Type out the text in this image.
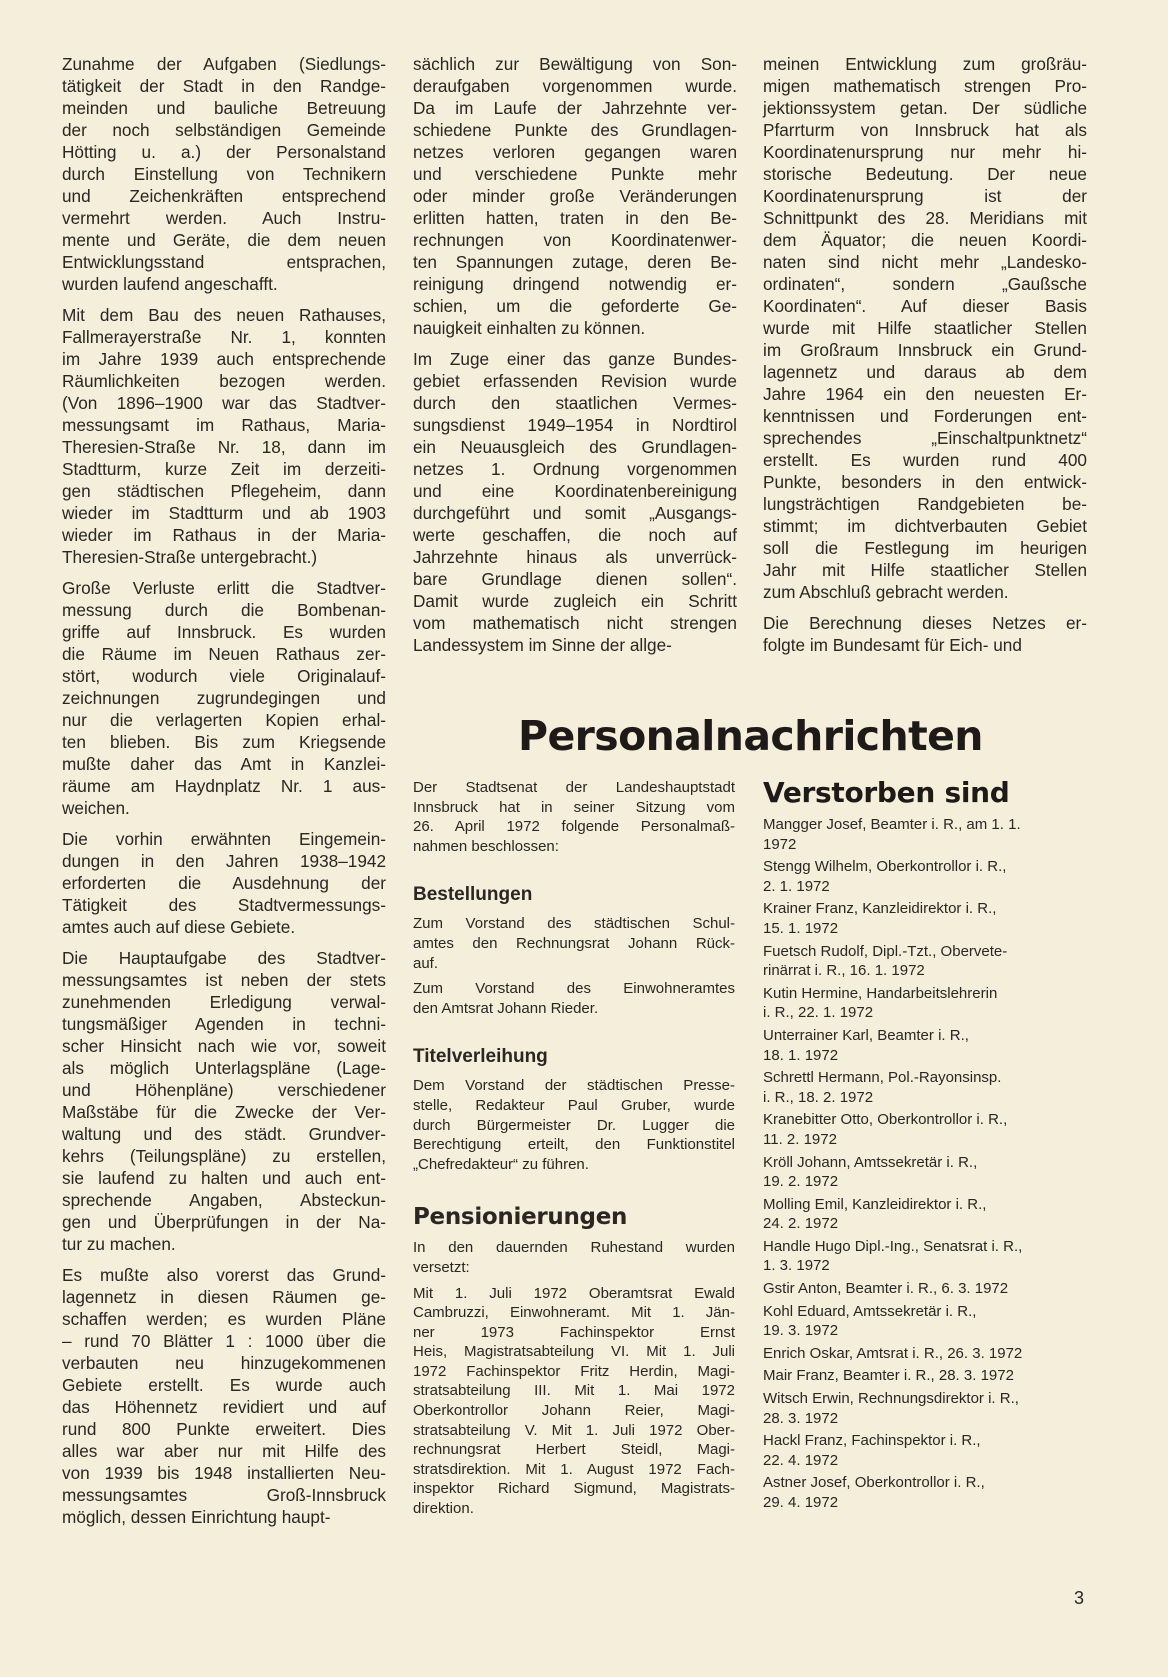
Zunahme der Aufgaben (Siedlungs-
tätigkeit der Stadt in den Randge-
meinden und bauliche Betreuung
der noch selbständigen Gemeinde
Hötting u. a.) der Personalstand
durch Einstellung von Technikern
und Zeichenkräften entsprechend
vermehrt werden. Auch Instru-
mente und Geräte, die dem neuen
Entwicklungsstand entsprachen,
wurden laufend angeschafft.

Mit dem Bau des neuen Rathauses,
Fallmerayerstraße Nr. 1, konnten
im Jahre 1939 auch entsprechende
Räumlichkeiten bezogen werden.
(Von 1896–1900 war das Stadtver-
messungsamt im Rathaus, Maria-
Theresien-Straße Nr. 18, dann im
Stadtturm, kurze Zeit im derzeiti-
gen städtischen Pflegeheim, dann
wieder im Stadtturm und ab 1903
wieder im Rathaus in der Maria-
Theresien-Straße untergebracht.)

Große Verluste erlitt die Stadtver-
messung durch die Bombenan-
griffe auf Innsbruck. Es wurden
die Räume im Neuen Rathaus zer-
stört, wodurch viele Originalauf-
zeichnungen zugrundegingen und
nur die verlagerten Kopien erhal-
ten blieben. Bis zum Kriegsende
mußte daher das Amt in Kanzlei-
räume am Haydnplatz Nr. 1 aus-
weichen.

Die vorhin erwähnten Eingemein-
dungen in den Jahren 1938–1942
erforderten die Ausdehnung der
Tätigkeit des Stadtvermessungs-
amtes auch auf diese Gebiete.

Die Hauptaufgabe des Stadtver-
messungsamtes ist neben der stets
zunehmenden Erledigung verwal-
tungsmäßiger Agenden in techni-
scher Hinsicht nach wie vor, soweit
als möglich Unterlagspläne (Lage-
und Höhenpläne) verschiedener
Maßstäbe für die Zwecke der Ver-
waltung und des städt. Grundver-
kehrs (Teilungspläne) zu erstellen,
sie laufend zu halten und auch ent-
sprechende Angaben, Absteckun-
gen und Überprüfungen in der Na-
tur zu machen.

Es mußte also vorerst das Grund-
lagennetz in diesen Räumen ge-
schaffen werden; es wurden Pläne
– rund 70 Blätter 1 : 1000 über die
verbauten neu hinzugekommenen
Gebiete erstellt. Es wurde auch
das Höhennetz revidiert und auf
rund 800 Punkte erweitert. Dies
alles war aber nur mit Hilfe des
von 1939 bis 1948 installierten Neu-
messungsamtes Groß-Innsbruck
möglich, dessen Einrichtung haupt-

sächlich zur Bewältigung von Son-
deraufgaben vorgenommen wurde.
Da im Laufe der Jahrzehnte ver-
schiedene Punkte des Grundlagen-
netzes verloren gegangen waren
und verschiedene Punkte mehr
oder minder große Veränderungen
erlitten hatten, traten in den Be-
rechnungen von Koordinatenwer-
ten Spannungen zutage, deren Be-
reinigung dringend notwendig er-
schien, um die geforderte Ge-
nauigkeit einhalten zu können.

Im Zuge einer das ganze Bundes-
gebiet erfassenden Revision wurde
durch den staatlichen Vermes-
sungsdienst 1949–1954 in Nordtirol
ein Neuausgleich des Grundlagen-
netzes 1. Ordnung vorgenommen
und eine Koordinatenbereinigung
durchgeführt und somit „Ausgangs-
werte geschaffen, die noch auf
Jahrzehnte hinaus als unverrück-
bare Grundlage dienen sollen“.
Damit wurde zugleich ein Schritt
vom mathematisch nicht strengen
Landessystem im Sinne der allge-

meinen Entwicklung zum großräu-
migen mathematisch strengen Pro-
jektionssystem getan. Der südliche
Pfarrturm von Innsbruck hat als
Koordinatenursprung nur mehr hi-
storische Bedeutung. Der neue
Koordinatenursprung ist der
Schnittpunkt des 28. Meridians mit
dem Äquator; die neuen Koordi-
naten sind nicht mehr „Landesko-
ordinaten“, sondern „Gaußsche
Koordinaten“. Auf dieser Basis
wurde mit Hilfe staatlicher Stellen
im Großraum Innsbruck ein Grund-
lagennetz und daraus ab dem
Jahre 1964 ein den neuesten Er-
kenntnissen und Forderungen ent-
sprechendes „Einschaltpunktnetz“
erstellt. Es wurden rund 400
Punkte, besonders in den entwick-
lungsträchtigen Randgebieten be-
stimmt; im dichtverbauten Gebiet
soll die Festlegung im heurigen
Jahr mit Hilfe staatlicher Stellen
zum Abschluß gebracht werden.

Die Berechnung dieses Netzes er-
folgte im Bundesamt für Eich- und

Personalnachrichten

Der Stadtsenat der Landeshauptstadt
Innsbruck hat in seiner Sitzung vom
26. April 1972 folgende Personalmaß-
nahmen beschlossen:

Bestellungen

Zum Vorstand des städtischen Schul-
amtes den Rechnungsrat Johann Rück-
auf.

Zum Vorstand des Einwohneramtes
den Amtsrat Johann Rieder.

Titelverleihung

Dem Vorstand der städtischen Presse-
stelle, Redakteur Paul Gruber, wurde
durch Bürgermeister Dr. Lugger die
Berechtigung erteilt, den Funktionstitel
„Chefredakteur“ zu führen.

Pensionierungen

In den dauernden Ruhestand wurden
versetzt:

Mit 1. Juli 1972 Oberamtsrat Ewald
Cambruzzi, Einwohneramt. Mit 1. Jän-
ner 1973 Fachinspektor Ernst
Heis, Magistratsabteilung VI. Mit 1. Juli
1972 Fachinspektor Fritz Herdin, Magi-
stratsabteilung III. Mit 1. Mai 1972
Oberkontrollor Johann Reier, Magi-
stratsabteilung V. Mit 1. Juli 1972 Ober-
rechnungsrat Herbert Steidl, Magi-
stratsdirektion. Mit 1. August 1972 Fach-
inspektor Richard Sigmund, Magistrats-
direktion.

Verstorben sind
Mangger Josef, Beamter i. R., am 1. 1.
1972
Stengg Wilhelm, Oberkontrollor i. R.,
2. 1. 1972
Krainer Franz, Kanzleidirektor i. R.,
15. 1. 1972
Fuetsch Rudolf, Dipl.-Tzt., Obervete-
rinärrat i. R., 16. 1. 1972
Kutin Hermine, Handarbeitslehrerin
i. R., 22. 1. 1972
Unterrainer Karl, Beamter i. R.,
18. 1. 1972
Schrettl Hermann, Pol.-Rayonsinsp.
i. R., 18. 2. 1972
Kranebitter Otto, Oberkontrollor i. R.,
11. 2. 1972
Kröll Johann, Amtssekretär i. R.,
19. 2. 1972
Molling Emil, Kanzleidirektor i. R.,
24. 2. 1972
Handle Hugo Dipl.-Ing., Senatsrat i. R.,
1. 3. 1972
Gstir Anton, Beamter i. R., 6. 3. 1972
Kohl Eduard, Amtssekretär i. R.,
19. 3. 1972
Enrich Oskar, Amtsrat i. R., 26. 3. 1972
Mair Franz, Beamter i. R., 28. 3. 1972
Witsch Erwin, Rechnungsdirektor i. R.,
28. 3. 1972
Hackl Franz, Fachinspektor i. R.,
22. 4. 1972
Astner Josef, Oberkontrollor i. R.,
29. 4. 1972
3
